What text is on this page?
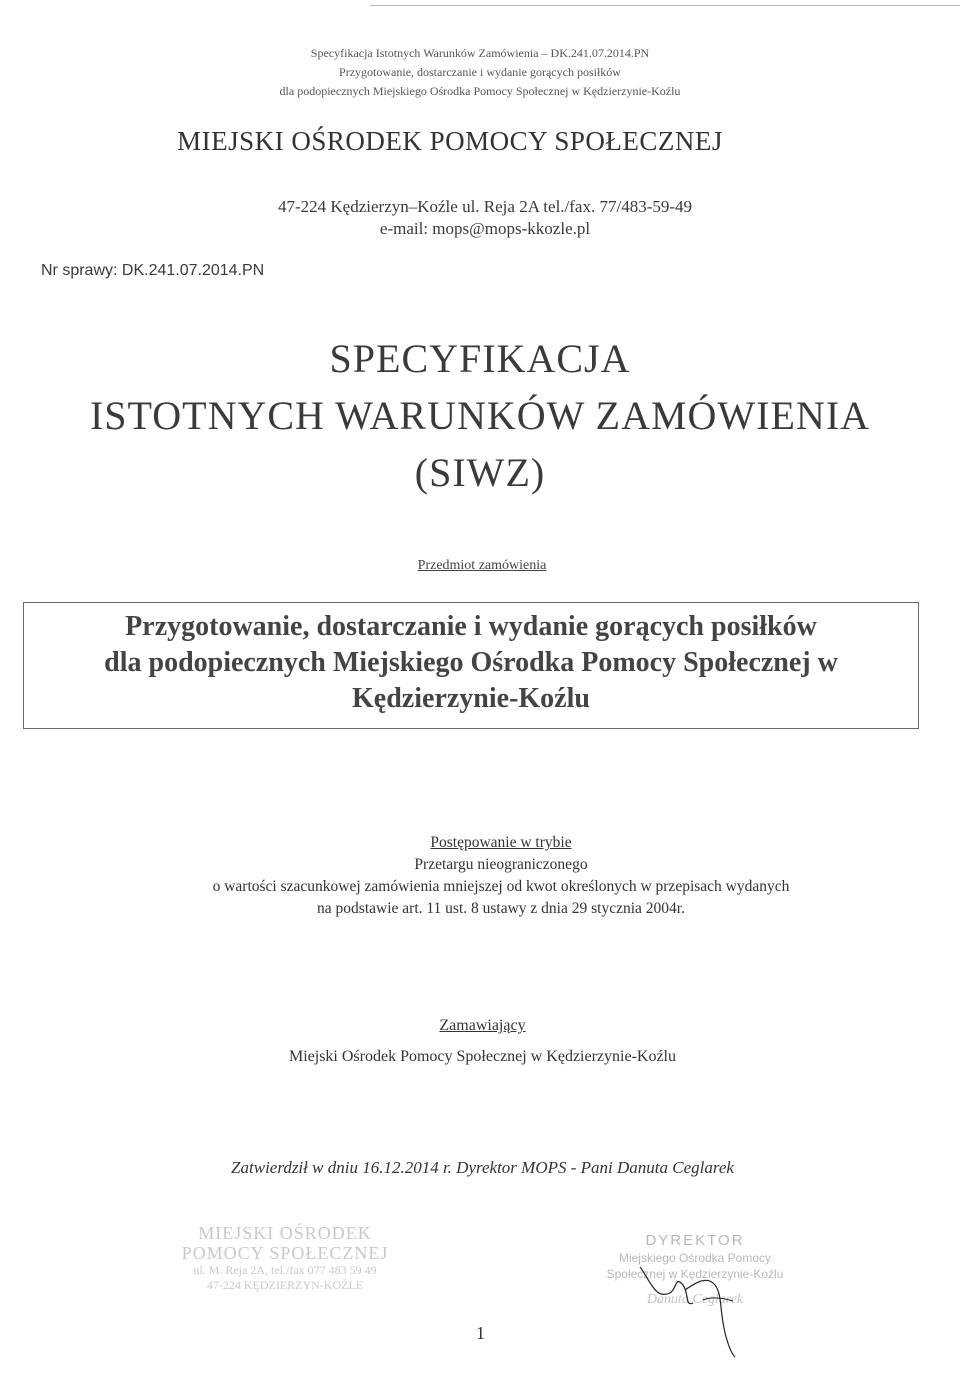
Specyfikacja Istotnych Warunków Zamówienia – DK.241.07.2014.PN
Przygotowanie, dostarczanie i wydanie gorących posiłków
dla podopiecznych Miejskiego Ośrodka Pomocy Społecznej w Kędzierzynie-Koźlu
MIEJSKI OŚRODEK POMOCY SPOŁECZNEJ
47-224 Kędzierzyn–Koźle ul. Reja 2A tel./fax. 77/483-59-49
e-mail: mops@mops-kkozle.pl
Nr sprawy: DK.241.07.2014.PN
SPECYFIKACJA
ISTOTNYCH WARUNKÓW ZAMÓWIENIA
(SIWZ)
Przedmiot zamówienia
Przygotowanie, dostarczanie i wydanie gorących posiłków
dla podopiecznych Miejskiego Ośrodka Pomocy Społecznej w
Kędzierzynie-Koźlu
Postępowanie w trybie
Przetargu nieograniczonego
o wartości szacunkowej zamówienia mniejszej od kwot określonych w przepisach wydanych
na podstawie art. 11 ust. 8 ustawy z dnia 29 stycznia 2004r.
Zamawiający
Miejski Ośrodek Pomocy Społecznej w Kędzierzynie-Koźlu
Zatwierdził w dniu 16.12.2014 r. Dyrektor MOPS - Pani Danuta Ceglarek
MIEJSKI OŚRODEK
POMOCY SPOŁECZNEJ
ul. M. Reja 2A, tel./fax 077 483 59 49
47-224 KĘDZIERZYN-KOŹLE
DYREKTOR
Miejskiego Ośrodka Pomocy
Społecznej w Kędzierzynie-Koźlu
Danuta Ceglarek
1
